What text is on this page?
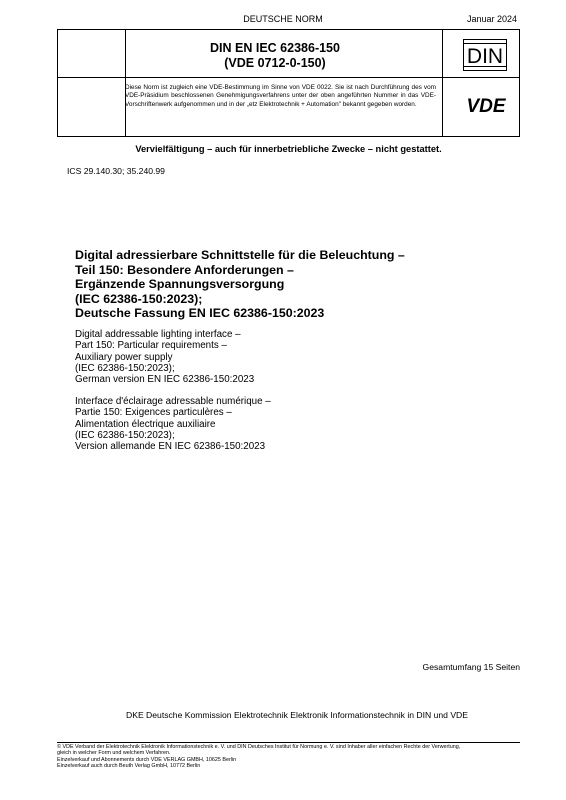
DEUTSCHE NORM	Januar 2024
DIN EN IEC 62386-150
(VDE 0712-0-150)	DIN
VDE
Diese Norm ist zugleich eine VDE-Bestimmung im Sinne von VDE 0022. Sie ist nach Durchführung des vom VDE-Präsidium beschlossenen Genehmigungsverfahrens unter der oben angeführten Nummer in das VDE-Vorschriftenwerk aufgenommen und in der „etz Elektrotechnik + Automation" bekannt gegeben worden.
Vervielfältigung – auch für innerbetriebliche Zwecke – nicht gestattet.
ICS 29.140.30; 35.240.99
Digital adressierbare Schnittstelle für die Beleuchtung –
Teil 150: Besondere Anforderungen –
Ergänzende Spannungsversorgung
(IEC 62386-150:2023);
Deutsche Fassung EN IEC 62386-150:2023
Digital addressable lighting interface –
Part 150: Particular requirements –
Auxiliary power supply
(IEC 62386-150:2023);
German version EN IEC 62386-150:2023
Interface d'éclairage adressable numérique –
Partie 150: Exigences particulères –
Alimentation électrique auxiliaire
(IEC 62386-150:2023);
Version allemande EN IEC 62386-150:2023
Gesamtumfang 15 Seiten
DKE Deutsche Kommission Elektrotechnik Elektronik Informationstechnik in DIN und VDE
© VDE Verband der Elektrotechnik Elektronik Informationstechnik e. V. und DIN Deutsches Institut für Normung e. V. sind Inhaber aller einfachen Rechte der Verwertung,
gleich in welcher Form und welchem Verfahren.
Einzelverkauf und Abonnements durch VDE VERLAG GMBH, 10625 Berlin
Einzelverkauf auch durch Beuth Verlag GmbH, 10772 Berlin
